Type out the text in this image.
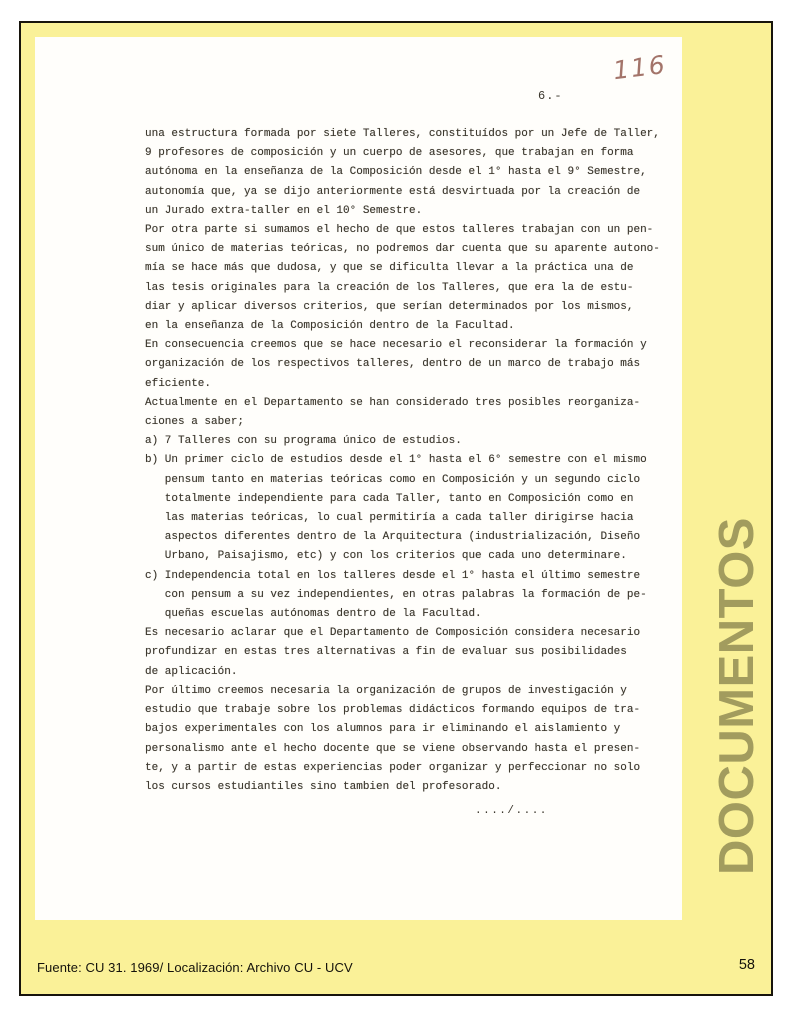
116
6.-
una estructura formada por siete Talleres, constituídos por un Jefe de Taller,
9 profesores de composición y un cuerpo de asesores, que trabajan en forma
autónoma en la enseñanza de la Composición desde el 1° hasta el 9° Semestre,
autonomía que, ya se dijo anteriormente está desvirtuada por la creación de
un Jurado extra-taller en el 10° Semestre.
Por otra parte si sumamos el hecho de que estos talleres trabajan con un pen-
sum único de materias teóricas, no podremos dar cuenta que su aparente autono-
mía se hace más que dudosa, y que se dificulta llevar a la práctica una de
las tesis originales para la creación de los Talleres, que era la de estu-
diar y aplicar diversos criterios, que serían determinados por los mismos,
en la enseñanza de la Composición dentro de la Facultad.
En consecuencia creemos que se hace necesario el reconsiderar la formación y
organización de los respectivos talleres, dentro de un marco de trabajo más
eficiente.
Actualmente en el Departamento se han considerado tres posibles reorganiza-
ciones a saber;
a) 7 Talleres con su programa único de estudios.
b) Un primer ciclo de estudios desde el 1° hasta el 6° semestre con el mismo
pensum tanto en materias teóricas como en Composición y un segundo ciclo
totalmente independiente para cada Taller, tanto en Composición como en
las materias teóricas, lo cual permitiría a cada taller dirigirse hacia
aspectos diferentes dentro de la Arquitectura (industrialización, Diseño
Urbano, Paisajismo, etc) y con los criterios que cada uno determinare.
c) Independencia total en los talleres desde el 1° hasta el último semestre
con pensum a su vez independientes, en otras palabras la formación de pe-
queñas escuelas autónomas dentro de la Facultad.
Es necesario aclarar que el Departamento de Composición considera necesario
profundizar en estas tres alternativas a fin de evaluar sus posibilidades
de aplicación.
Por último creemos necesaria la organización de grupos de investigación y
estudio que trabaje sobre los problemas didácticos formando equipos de tra-
bajos experimentales con los alumnos para ir eliminando el aislamiento y
personalismo ante el hecho docente que se viene observando hasta el presen-
te, y a partir de estas experiencias poder organizar y perfeccionar no solo
los cursos estudiantiles sino tambien del profesorado.
..../....	DOCUMENTOS
Fuente: CU 31. 1969/ Localización: Archivo CU - UCV	58
